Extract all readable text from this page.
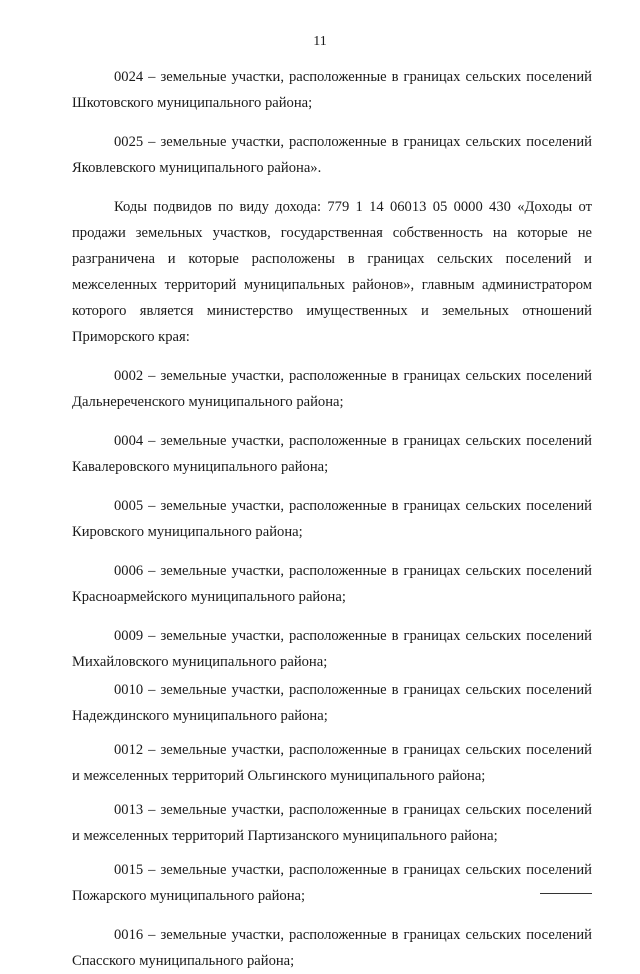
11

0024 – земельные участки, расположенные в границах сельских поселений Шкотовского муниципального района;

0025 – земельные участки, расположенные в границах сельских поселений Яковлевского муниципального района».

Коды подвидов по виду дохода: 779 1 14 06013 05 0000 430 «Доходы от продажи земельных участков, государственная собственность на которые не разграничена и которые расположены в границах сельских поселений и межселенных территорий муниципальных районов», главным администратором которого является министерство имущественных и земельных отношений Приморского края:

0002 – земельные участки, расположенные в границах сельских поселений Дальнереченского муниципального района;

0004 – земельные участки, расположенные в границах сельских поселений Кавалеровского муниципального района;

0005 – земельные участки, расположенные в границах сельских поселений Кировского муниципального района;

0006 – земельные участки, расположенные в границах сельских поселений Красноармейского муниципального района;

0009 – земельные участки, расположенные в границах сельских поселений Михайловского муниципального района;

0010 – земельные участки, расположенные в границах сельских поселений Надеждинского муниципального района;

0012 – земельные участки, расположенные в границах сельских поселений и межселенных территорий Ольгинского муниципального района;

0013 – земельные участки, расположенные в границах сельских поселений и межселенных территорий Партизанского муниципального района;

0015 – земельные участки, расположенные в границах сельских поселений Пожарского муниципального района;

0016 – земельные участки, расположенные в границах сельских поселений Спасского муниципального района;
